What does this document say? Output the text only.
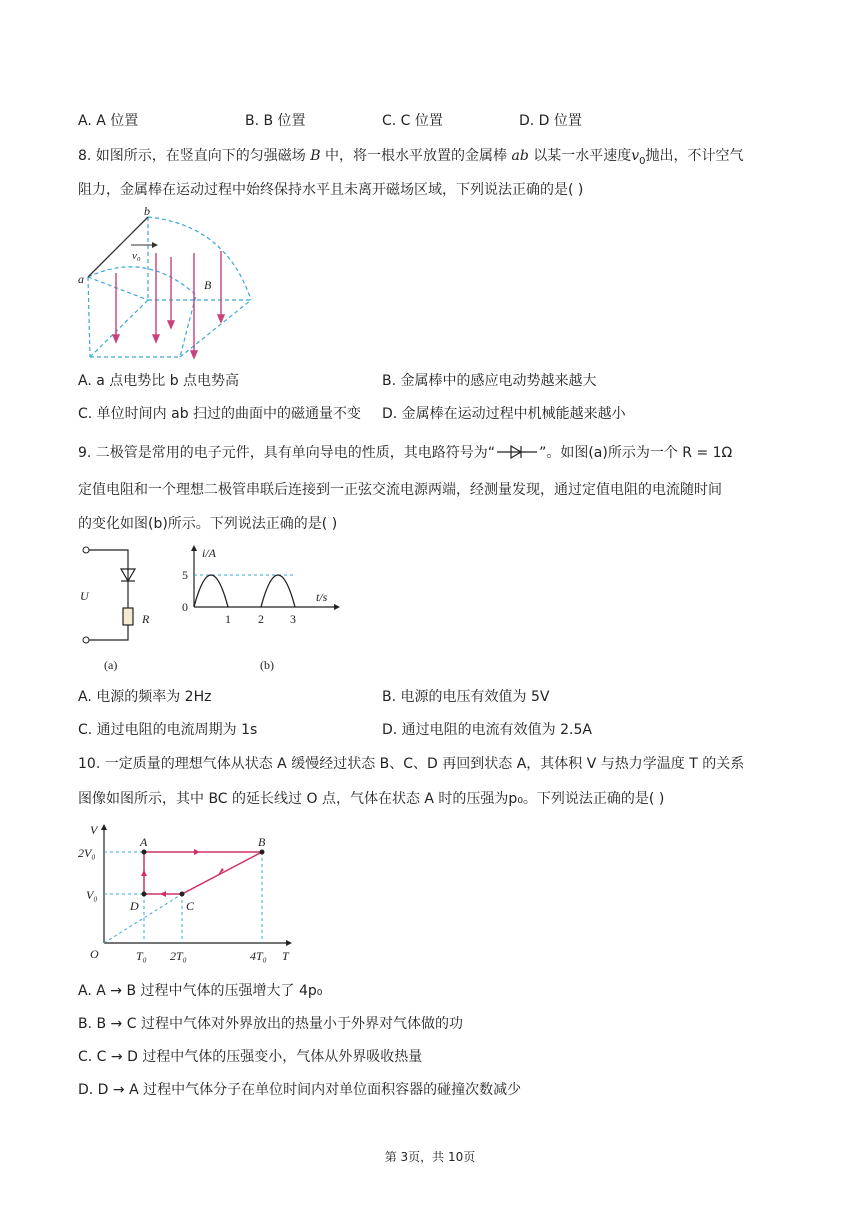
A. A 位置	B. B 位置	C. C 位置	D. D 位置
8. 如图所示，在竖直向下的匀强磁场 B 中，将一根水平放置的金属棒 ab 以某一水平速度$v_0$抛出，不计空气
阻力，金属棒在运动过程中始终保持水平且未离开磁场区域，下列说法正确的是( )
b
a
v₀
B
A. a 点电势比 b 点电势高	B. 金属棒中的感应电动势越来越大
C. 单位时间内 ab 扫过的曲面中的磁通量不变 D. 金属棒在运动过程中机械能越来越小
9. 二极管是常用的电子元件，具有单向导电的性质，其电路符号为“	”。如图(a)所示为一个 R = 1Ω
定值电阻和一个理想二极管串联后连接到一正弦交流电源两端，经测量发现，通过定值电阻的电流随时间
的变化如图(b)所示。下列说法正确的是( )
U
R
(a)
i/A
t/s
5
0
1 2 3
(b)
A. 电源的频率为 2Hz	B. 电源的电压有效值为 5V
C. 通过电阻的电流周期为 1s	D. 通过电阻的电流有效值为 2.5A
10. 一定质量的理想气体从状态 A 缓慢经过状态 B、C、D 再回到状态 A，其体积 V 与热力学温度 T 的关系
图像如图所示，其中 BC 的延长线过 O 点，气体在状态 A 时的压强为p₀。下列说法正确的是( )
V
T
O
2V₀
V₀
T₀ 2T₀	4T₀
A	B
C
D
A. A → B 过程中气体的压强增大了 4p₀
B. B → C 过程中气体对外界放出的热量小于外界对气体做的功
C. C → D 过程中气体的压强变小，气体从外界吸收热量
D. D → A 过程中气体分子在单位时间内对单位面积容器的碰撞次数减少
第 3页，共 10页
